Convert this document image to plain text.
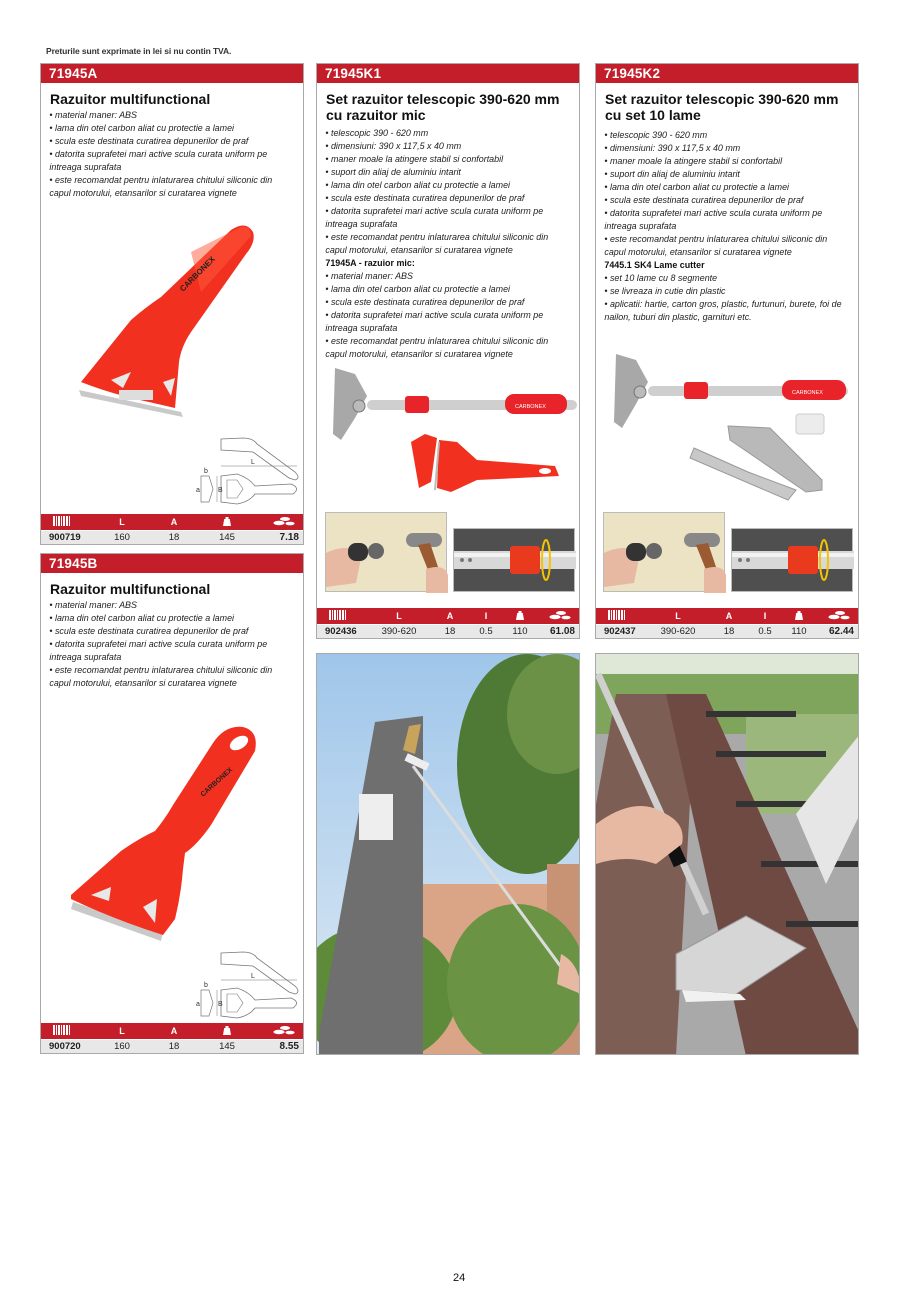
Preturile sunt exprimate in lei si nu contin TVA.
71945A
Razuitor multifunctional
• material maner: ABS
• lama din otel carbon aliat cu protectie a lamei
• scula este destinata curatirea depunerilor de praf
• datorita suprafetei mari active scula curata uniform pe intreaga suprafata
• este recomandat pentru inlaturarea chitului siliconic din capul motorului, etansarilor si curatarea vignete
CARBONEX
L
a
b
B
L	A
900719	160	18	145	7.18
71945B
Razuitor multifunctional
• material maner: ABS
• lama din otel carbon aliat cu protectie a lamei
• scula este destinata curatirea depunerilor de praf
• datorita suprafetei mari active scula curata uniform pe intreaga suprafata
• este recomandat pentru inlaturarea chitului siliconic din capul motorului, etansarilor si curatarea vignete
CARBONEX
L
a
b
B
L	A
900720	160	18	145	8.55
71945K1
Set razuitor telescopic 390-620 mm cu razuitor mic
• telescopic 390 - 620 mm
• dimensiuni: 390 x 117,5 x 40 mm
• maner moale la atingere stabil si confortabil
• suport din aliaj de aluminiu intarit
• lama din otel carbon aliat cu protectie a lamei
• scula este destinata curatirea depunerilor de praf
• datorita suprafetei mari active scula curata uniform pe intreaga suprafata
• este recomandat pentru inlaturarea chitului siliconic din capul motorului, etansarilor si curatarea vignete
71945A - razuior mic:
• material maner: ABS
• lama din otel carbon aliat cu protectie a lamei
• scula este destinata curatirea depunerilor de praf
• datorita suprafetei mari active scula curata uniform pe intreaga suprafata
• este recomandat pentru inlaturarea chitului siliconic din capul motorului, etansarilor si curatarea vignete
CARBONEX
L	A	I
902436	390-620	18	0.5	110	61.08
71945K2
Set razuitor telescopic 390-620 mm cu set 10 lame
• telescopic 390 - 620 mm
• dimensiuni: 390 x 117,5 x 40 mm
• maner moale la atingere stabil si confortabil
• suport din aliaj de aluminiu intarit
• lama din otel carbon aliat cu protectie a lamei
• scula este destinata curatirea depunerilor de praf
• datorita suprafetei mari active scula curata uniform pe intreaga suprafata
• este recomandat pentru inlaturarea chitului siliconic din capul motorului, etansarilor si curatarea vignete
7445.1 SK4 Lame cutter
• set 10 lame cu 8 segmente
• se livreaza in cutie din plastic
• aplicatii: hartie, carton gros, plastic, furtunuri, burete, foi de nailon, tuburi din plastic, garnituri etc.
CARBONEX
L	A	I
902437	390-620	18	0.5	110	62.44
24
